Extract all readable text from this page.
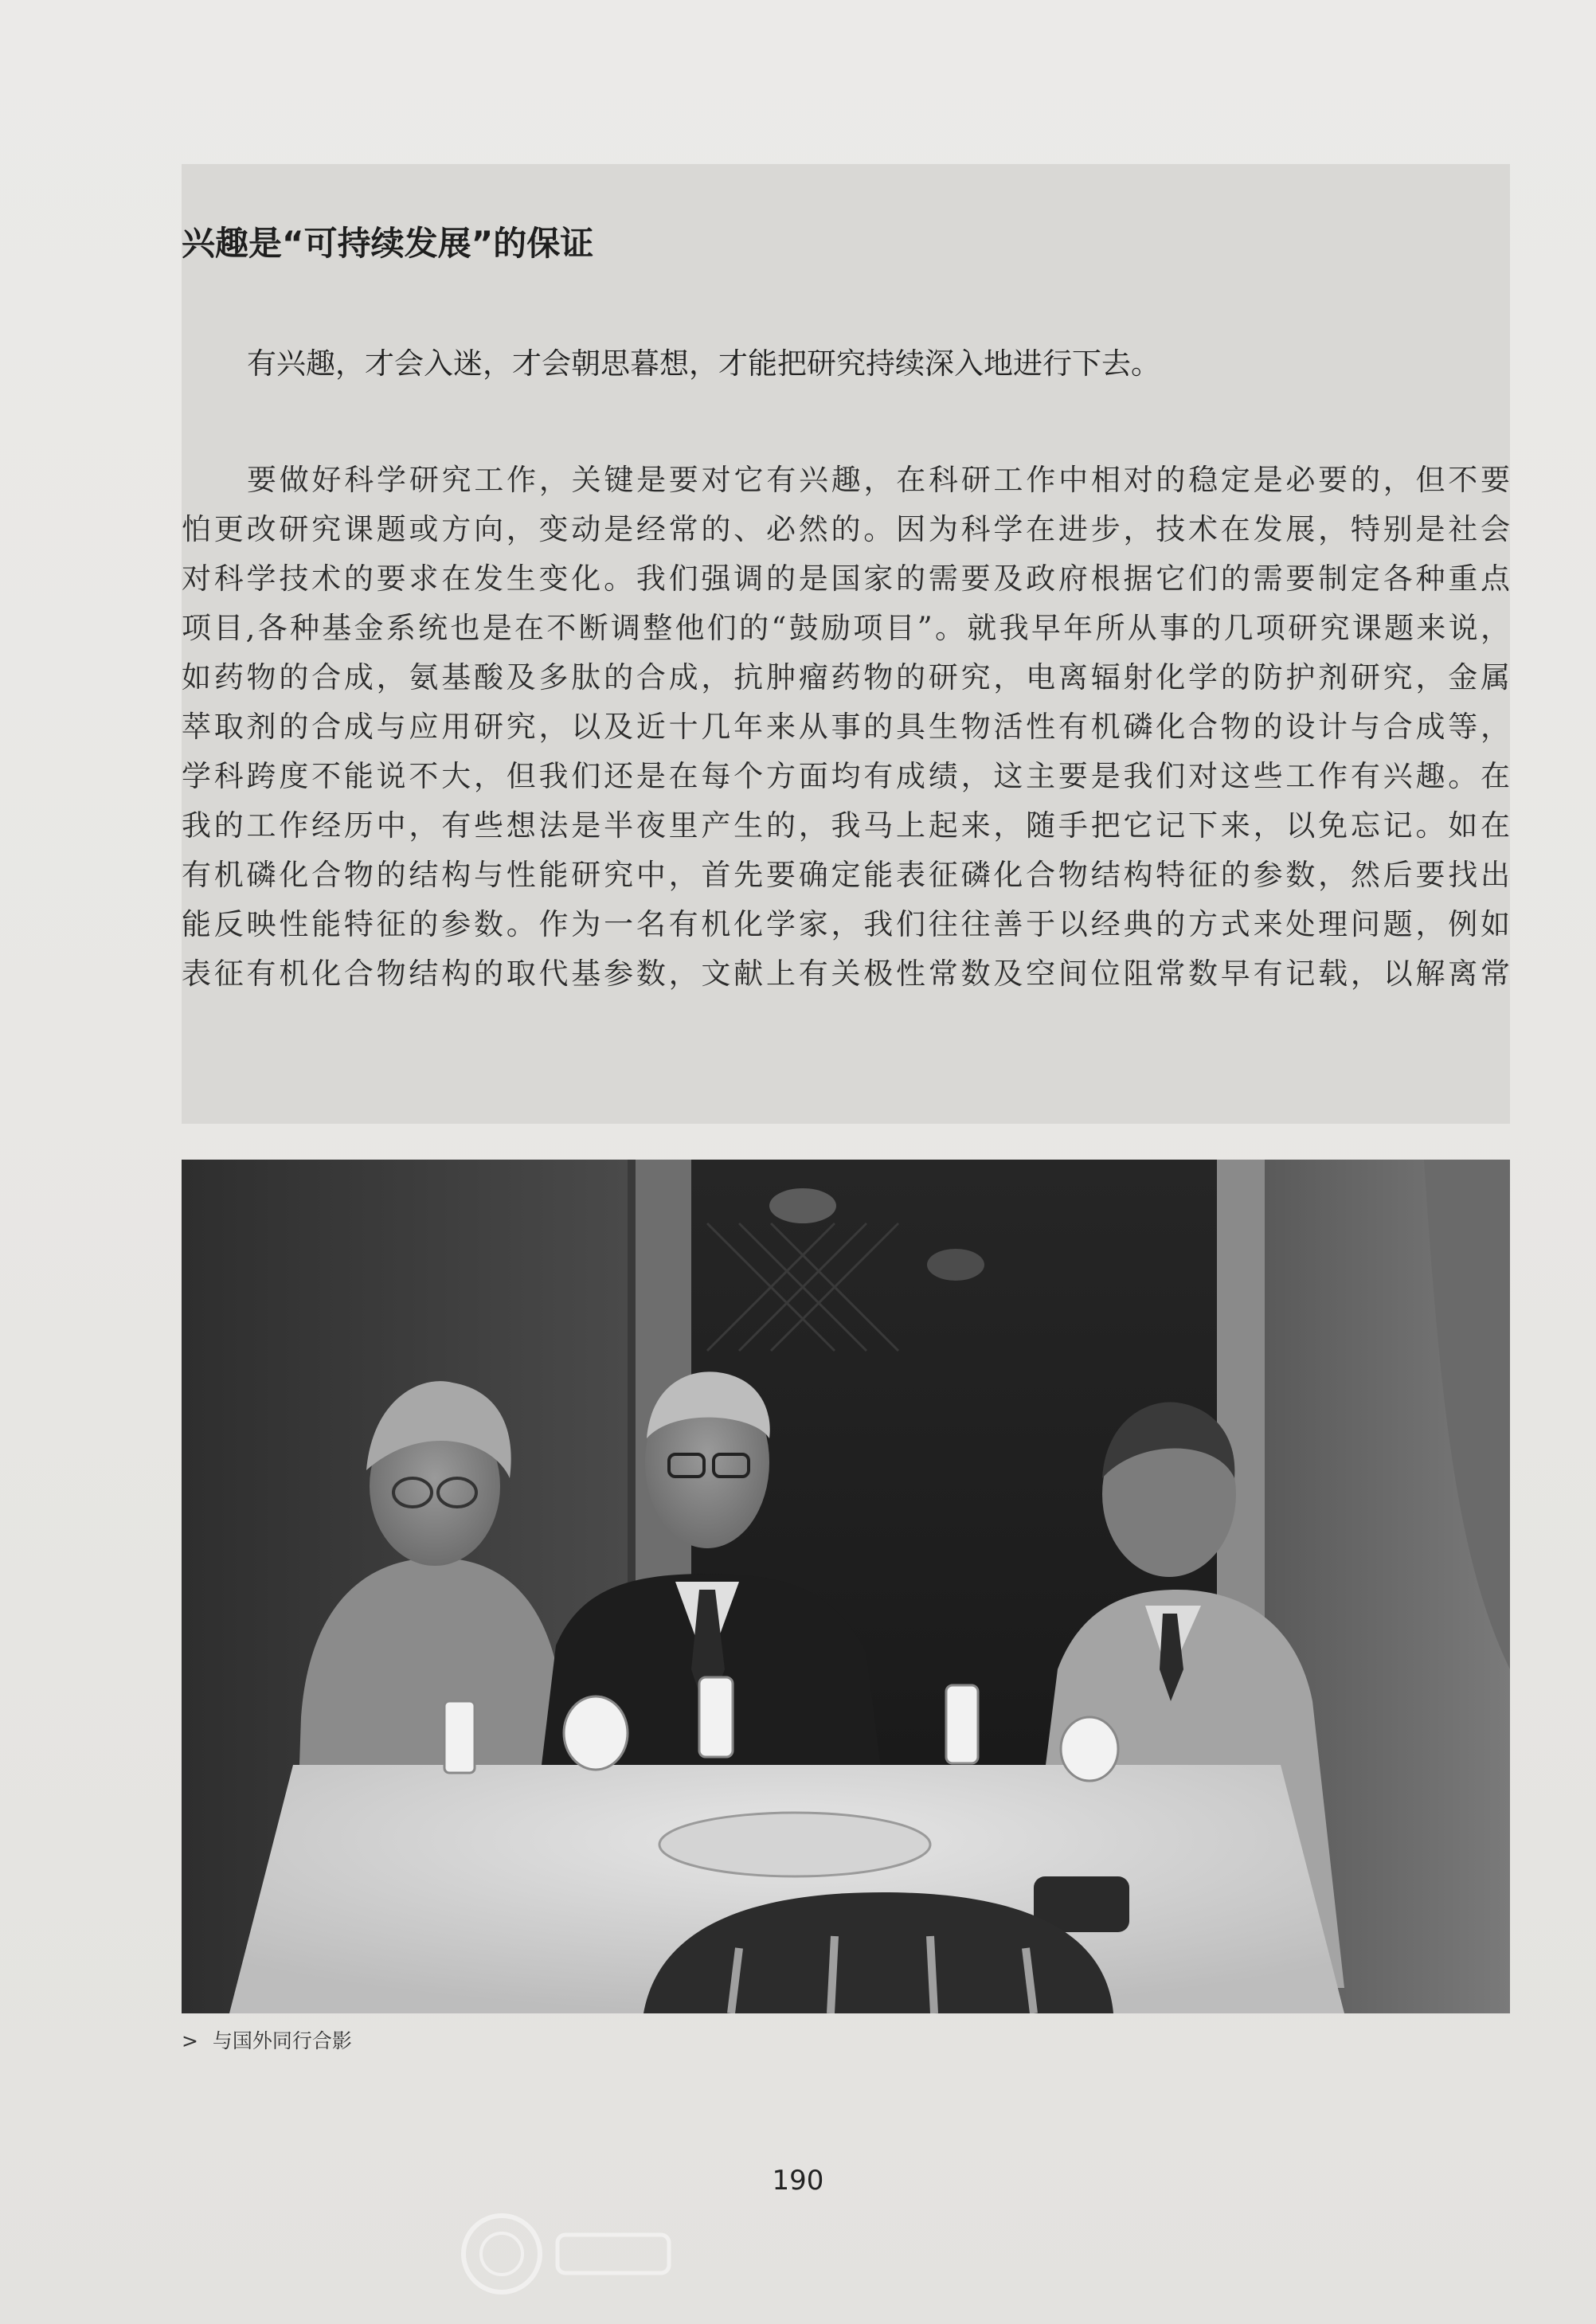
兴趣是“可持续发展”的保证
有兴趣，才会入迷，才会朝思暮想，才能把研究持续深入地进行下去。
要做好科学研究工作，关键是要对它有兴趣，在科研工作中相对的稳定是必要的，但不要
怕更改研究课题或方向，变动是经常的、必然的。因为科学在进步，技术在发展，特别是社会
对科学技术的要求在发生变化。我们强调的是国家的需要及政府根据它们的需要制定各种重点
项目,各种基金系统也是在不断调整他们的“鼓励项目”。就我早年所从事的几项研究课题来说，
如药物的合成，氨基酸及多肽的合成，抗肿瘤药物的研究，电离辐射化学的防护剂研究，金属
萃取剂的合成与应用研究，以及近十几年来从事的具生物活性有机磷化合物的设计与合成等，
学科跨度不能说不大，但我们还是在每个方面均有成绩，这主要是我们对这些工作有兴趣。在
我的工作经历中，有些想法是半夜里产生的，我马上起来，随手把它记下来，以免忘记。如在
有机磷化合物的结构与性能研究中，首先要确定能表征磷化合物结构特征的参数，然后要找出
能反映性能特征的参数。作为一名有机化学家，我们往往善于以经典的方式来处理问题，例如
表征有机化合物结构的取代基参数，文献上有关极性常数及空间位阻常数早有记载，以解离常
> 与国外同行合影
190
